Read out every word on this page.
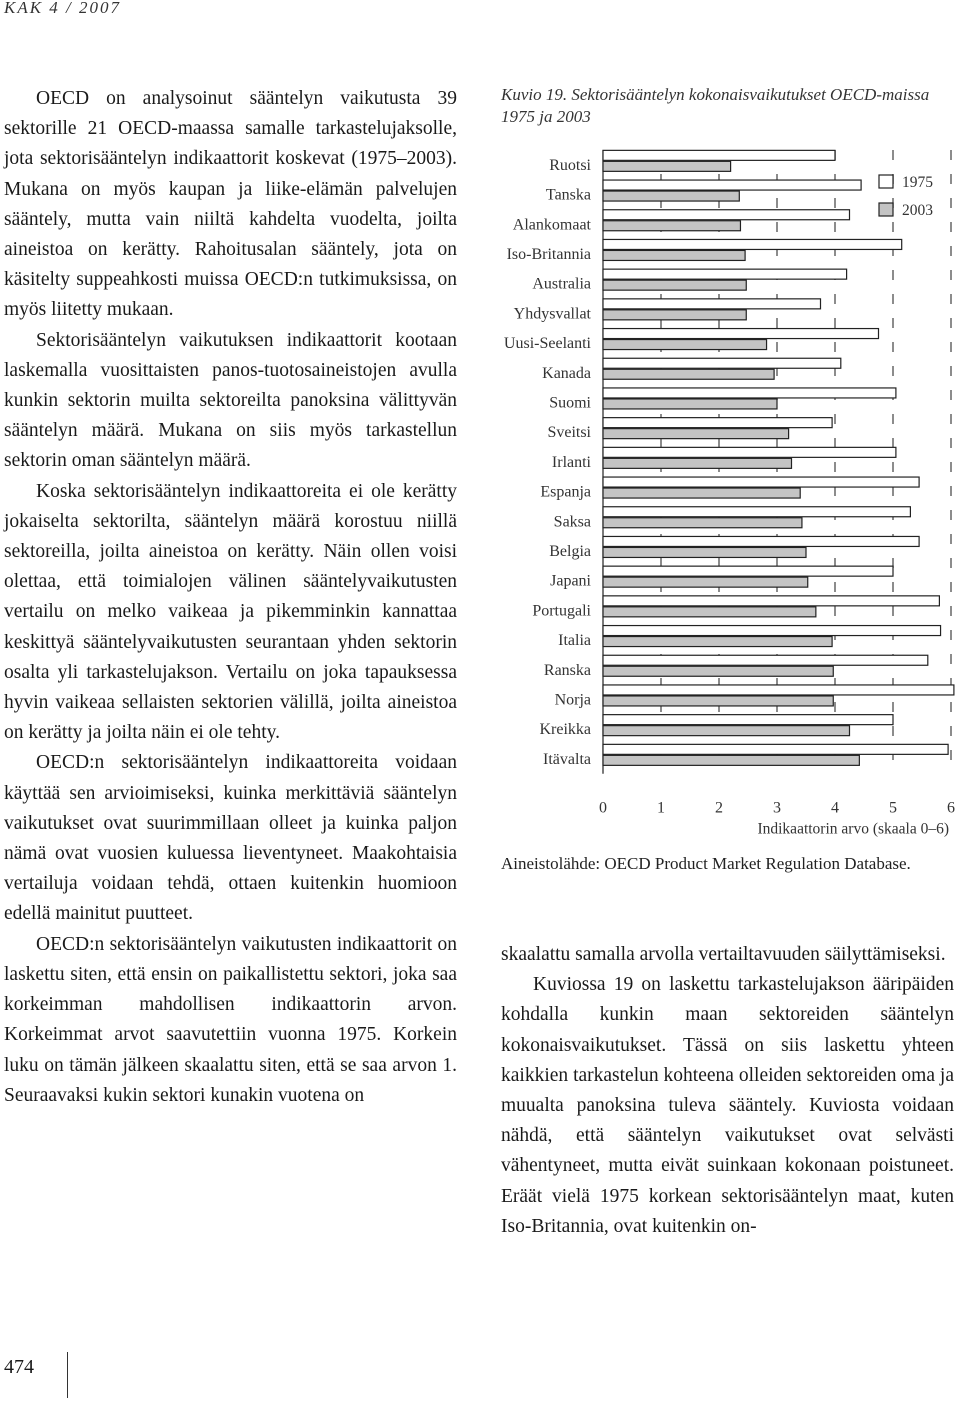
KAK 4 / 2007

OECD on analysoinut sääntelyn vaikutusta 39 sektorille 21 OECD-maassa samalle tarkastelujaksolle, jota sektorisääntelyn indikaattorit koskevat (1975–2003). Mukana on myös kaupan ja liike-elämän palvelujen sääntely, mutta vain niiltä kahdelta vuodelta, joilta aineistoa on kerätty. Rahoitusalan sääntely, jota on käsitelty suppeahkosti muissa OECD:n tutkimuksissa, on myös liitetty mukaan.

Sektorisääntelyn vaikutuksen indikaattorit kootaan laskemalla vuosittaisten panos-tuotosaineistojen avulla kunkin sektorin muilta sektoreilta panoksina välittyvän sääntelyn määrä. Mukana on siis myös tarkastellun sektorin oman sääntelyn määrä.

Koska sektorisääntelyn indikaattoreita ei ole kerätty jokaiselta sektorilta, sääntelyn määrä korostuu niillä sektoreilla, joilta aineistoa on kerätty. Näin ollen voisi olettaa, että toimialojen välinen sääntelyvaikutusten vertailu on melko vaikeaa ja pikemminkin kannattaa keskittyä sääntelyvaikutusten seurantaan yhden sektorin osalta yli tarkastelujakson. Vertailu on joka tapauksessa hyvin vaikeaa sellaisten sektorien välillä, joilta aineistoa on kerätty ja joilta näin ei ole tehty.

OECD:n sektorisääntelyn indikaattoreita voidaan käyttää sen arvioimiseksi, kuinka merkittäviä sääntelyn vaikutukset ovat suurimmillaan olleet ja kuinka paljon nämä ovat vuosien kuluessa lieventyneet. Maakohtaisia vertailuja voidaan tehdä, ottaen kuitenkin huomioon edellä mainitut puutteet.

OECD:n sektorisääntelyn vaikutusten indikaattorit on laskettu siten, että ensin on paikallistettu sektori, joka saa korkeimman mahdollisen indikaattorin arvon. Korkeimmat arvot saavutettiin vuonna 1975. Korkein luku on tämän jälkeen skaalattu siten, että se saa arvon 1. Seuraavaksi kukin sektori kunakin vuotena on

Kuvio 19. Sektorisääntelyn kokonaisvaikutukset OECD-maissa 1975 ja 2003
Ruotsi
Tanska
Alankomaat
Iso-Britannia
Australia
Yhdysvallat
Uusi-Seelanti
Kanada
Suomi
Sveitsi
Irlanti
Espanja
Saksa
Belgia
Japani
Portugali
Italia
Ranska
Norja
Kreikka
Itävalta
0	1	2	3	4	5	6
Indikaattorin arvo (skaala 0–6)
1975
2003
Aineistolähde: OECD Product Market Regulation Database.

skaalattu samalla arvolla vertailtavuuden säilyttämiseksi.

Kuviossa 19 on laskettu tarkastelujakson ääripäiden kohdalla kunkin maan sektoreiden sääntelyn kokonaisvaikutukset. Tässä on siis laskettu yhteen kaikkien tarkastelun kohteena olleiden sektoreiden oma ja muualta panoksina tuleva sääntely. Kuviosta voidaan nähdä, että sääntelyn vaikutukset ovat selvästi vähentyneet, mutta eivät suinkaan kokonaan poistuneet. Eräät vielä 1975 korkean sektorisääntelyn maat, kuten Iso-Britannia, ovat kuitenkin on-

474
